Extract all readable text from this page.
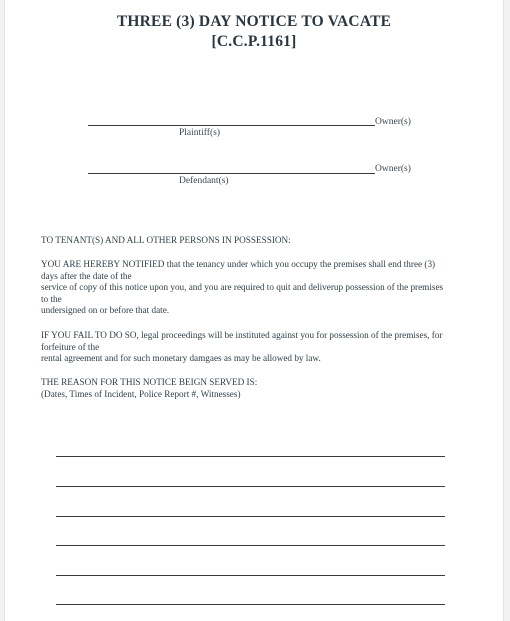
THREE (3) DAY NOTICE TO VACATE
[C.C.P.1161]
Owner(s)
Plaintiff(s)
Owner(s)
Defendant(s)
TO TENANT(S) AND ALL OTHER PERSONS IN POSSESSION:
YOU ARE HEREBY NOTIFIED that the tenancy under which you occupy the premises shall end three (3)
days after the date of the
service of copy of this notice upon you, and you are required to quit and deliverup possession of the premises
to the
undersigned on or before that date.
IF YOU FAIL TO DO SO, legal proceedings will be instituted against you for possession of the premises, for
forfeiture of the
rental agreement and for such monetary damgaes as may be allowed by law.
THE REASON FOR THIS NOTICE BEIGN SERVED IS:
(Dates, Times of Incident, Police Report #, Witnesses)
